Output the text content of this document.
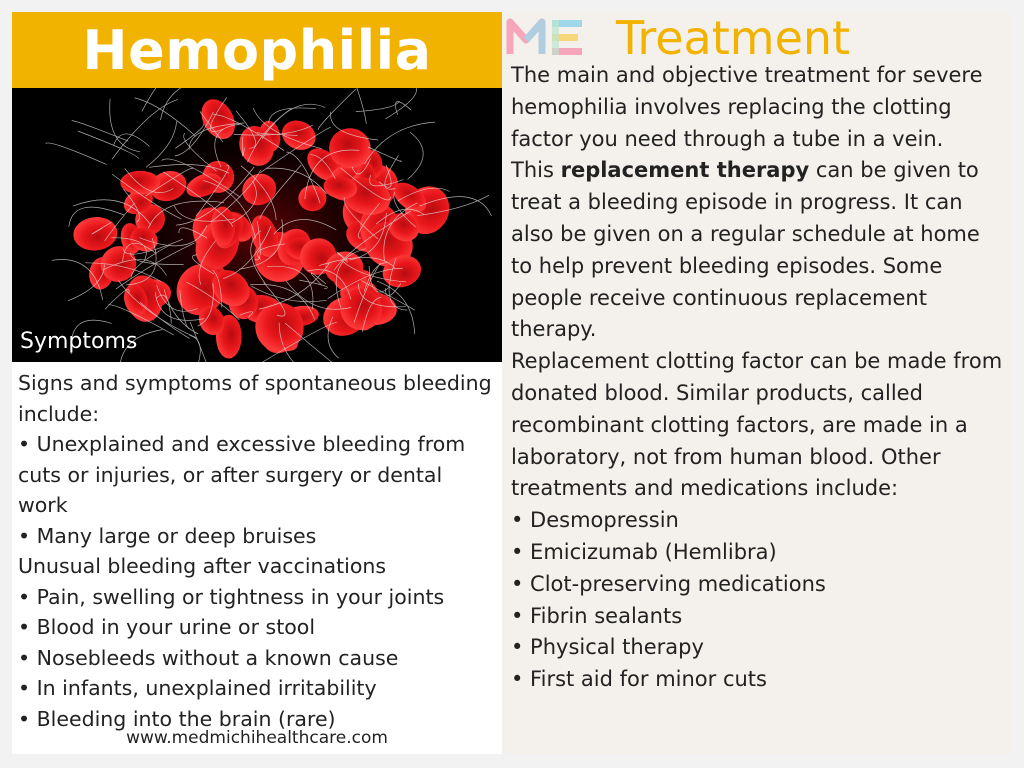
Hemophilia
Symptoms

Signs and symptoms of spontaneous bleeding include:

• Unexplained and excessive bleeding from cuts or injuries, or after surgery or dental work

• Many large or deep bruises

Unusual bleeding after vaccinations

• Pain, swelling or tightness in your joints

• Blood in your urine or stool

• Nosebleeds without a known cause

• In infants, unexplained irritability

• Bleeding into the brain (rare)

www.medmichihealthcare.com
ME Treatment

The main and objective treatment for severe hemophilia involves replacing the clotting factor you need through a tube in a vein.

This replacement therapy can be given to treat a bleeding episode in progress. It can also be given on a regular schedule at home to help prevent bleeding episodes. Some people receive continuous replacement therapy.

Replacement clotting factor can be made from donated blood. Similar products, called recombinant clotting factors, are made in a laboratory, not from human blood. Other treatments and medications include:

• Desmopressin

• Emicizumab (Hemlibra)

• Clot-preserving medications

• Fibrin sealants

• Physical therapy

• First aid for minor cuts
